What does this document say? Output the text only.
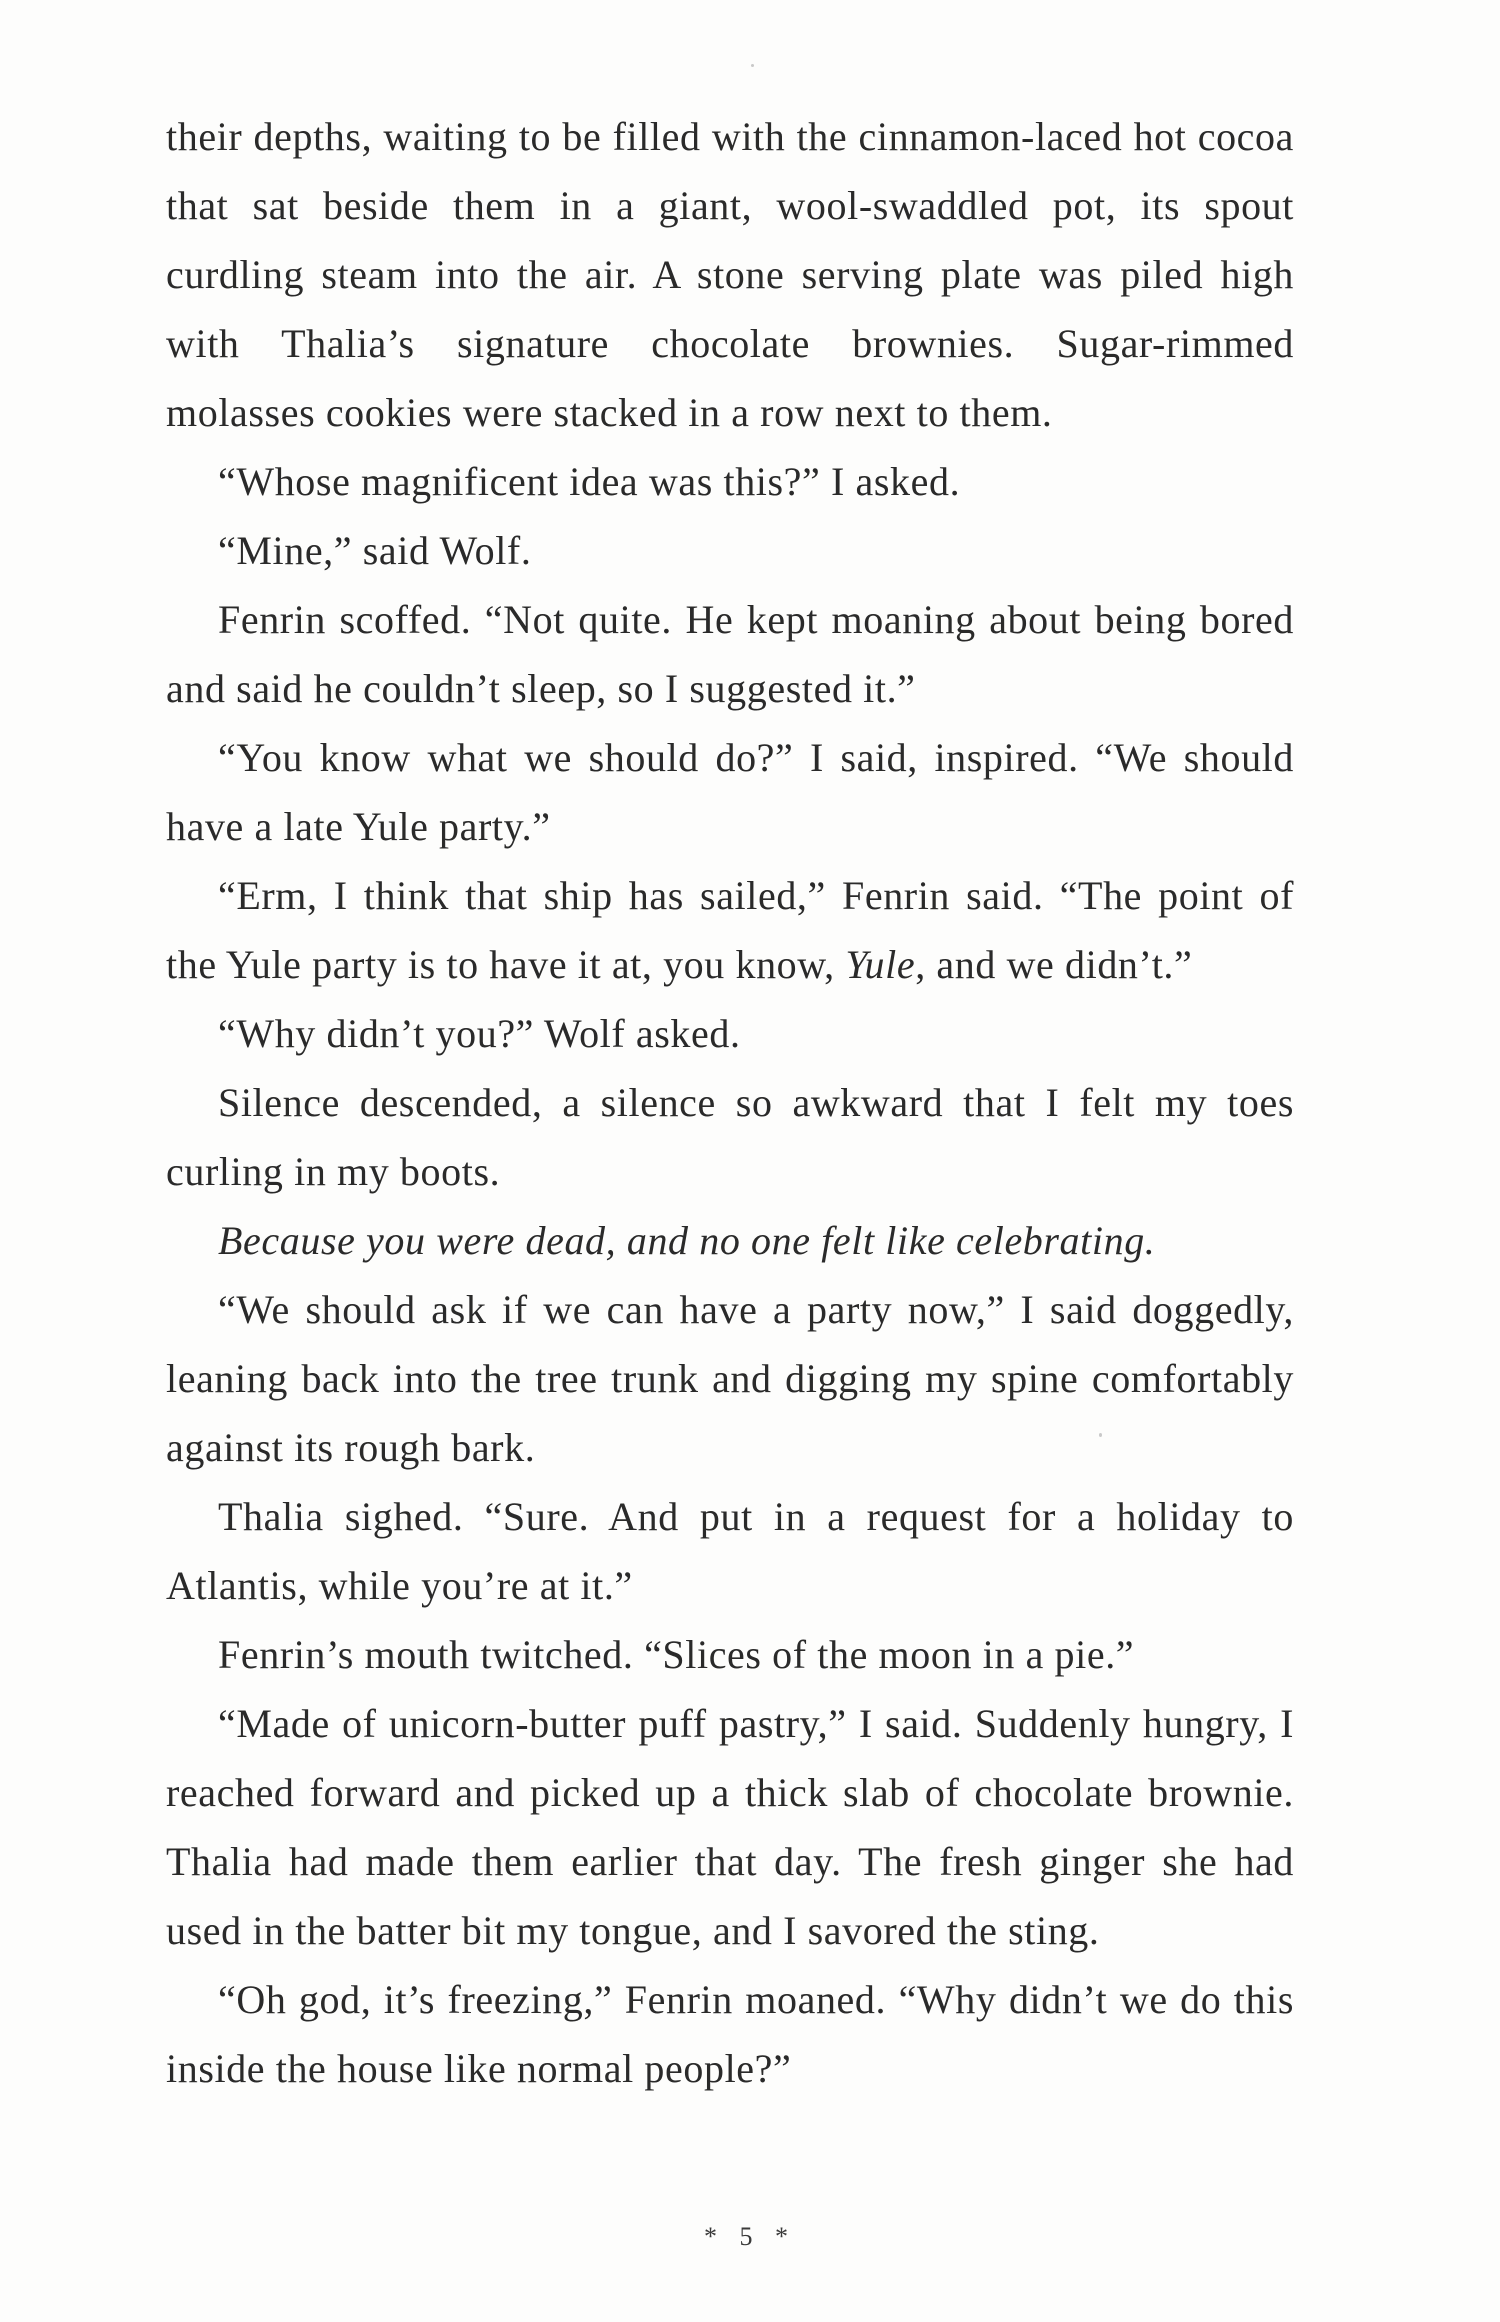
their depths, waiting to be filled with the cinnamon-laced hot cocoa that sat beside them in a giant, wool-swaddled pot, its spout curdling steam into the air. A stone serving plate was piled high with Thalia’s signature chocolate brownies. Sugar-rimmed molasses cookies were stacked in a row next to them.

“Whose magnificent idea was this?” I asked.

“Mine,” said Wolf.

Fenrin scoffed. “Not quite. He kept moaning about being bored and said he couldn’t sleep, so I suggested it.”

“You know what we should do?” I said, inspired. “We should have a late Yule party.”

“Erm, I think that ship has sailed,” Fenrin said. “The point of the Yule party is to have it at, you know, Yule, and we didn’t.”

“Why didn’t you?” Wolf asked.

Silence descended, a silence so awkward that I felt my toes curling in my boots.

Because you were dead, and no one felt like celebrating.

“We should ask if we can have a party now,” I said doggedly, leaning back into the tree trunk and digging my spine comfortably against its rough bark.

Thalia sighed. “Sure. And put in a request for a holiday to Atlantis, while you’re at it.”

Fenrin’s mouth twitched. “Slices of the moon in a pie.”

“Made of unicorn-butter puff pastry,” I said. Suddenly hungry, I reached forward and picked up a thick slab of chocolate brownie. Thalia had made them earlier that day. The fresh ginger she had used in the batter bit my tongue, and I savored the sting.

“Oh god, it’s freezing,” Fenrin moaned. “Why didn’t we do this inside the house like normal people?”

* 5 *
